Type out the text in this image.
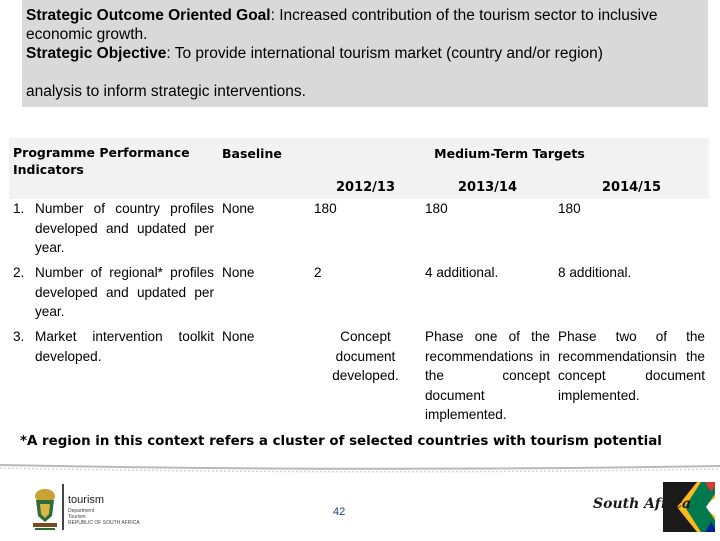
Strategic Outcome Oriented Goal: Increased contribution of the tourism sector to inclusive economic growth.

Strategic Objective: To provide international tourism market (country and/or region)

analysis to inform strategic interventions.

Programme Performance Indicators	Baseline	Medium-Term Targets		
		2012/13	2013/14	2014/15

1. Number of country profiles developed and updated per year.	None	180	180	180

2. Number of regional* profiles developed and updated per year.	None	2	4 additional.	8 additional.

3. Market intervention toolkit developed.	None	Concept document developed.	Phase one of the recommendations in the concept document implemented.	Phase two of the recommendationsin the concept document implemented.
*A region in this context refers a cluster of selected countries with tourism potential
tourism
Department
Tourism
REPUBLIC OF SOUTH AFRICA
42	South Africa
